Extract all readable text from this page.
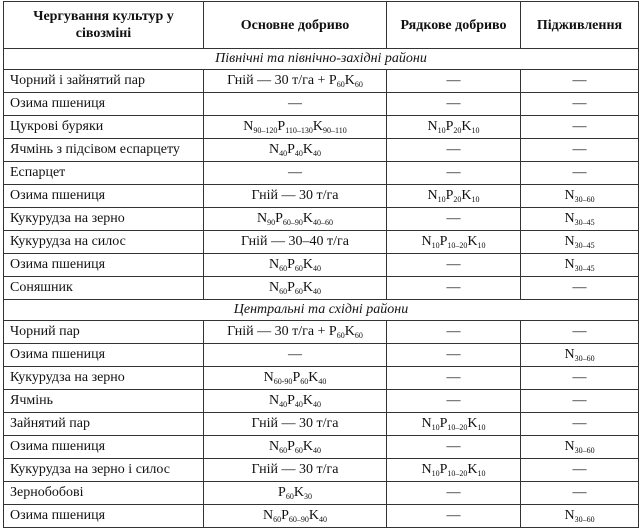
Чергування культур у сівозміні	Основне добриво	Рядкове добриво	Підживлення
Північні та північно-західні райони			
Чорний і зайнятий пар	Гній — 30 $т/га + P_{60}K_{60}$	—	—
Озима пшениця	—	—	—
Цукрові буряки	$N_{90-120}P_{110-130}K_{90-110}$	$N_{10}P_{20}K_{10}$	—
Ячмінь з підсівом еспарцету	$N_{40}P_{40}K_{40}$	—	—
Еспарцет	—	—	—
Озима пшениця	Гній — 30 т/га	$N_{10}P_{20}K_{10}$	$N_{30-60}$
Кукурудза на зерно	$N_{90}P_{60-90}K_{40-60}$	—	$N_{30-45}$
Кукурудза на силос	Гній — 30–40 т/га	$N_{10}P_{10-20}K_{10}$	$N_{30-45}$
Озима пшениця	$N_{60}P_{60}K_{40}$	—	$N_{30-45}$
Соняшник	$N_{60}P_{60}K_{40}$	—	—
Центральні та східні райони			
Чорний пар	Гній — 30 $т/га + P_{60}K_{60}$	—	—
Озима пшениця	—	—	$N_{30-60}$
Кукурудза на зерно	$N_{60-90}P_{60}K_{40}$	—	—
Ячмінь	$N_{40}P_{40}K_{40}$	—	—
Зайнятий пар	Гній — 30 т/га	$N_{10}P_{10-20}K_{10}$	—
Озима пшениця	$N_{60}P_{60}K_{40}$	—	$N_{30-60}$
Кукурудза на зерно і силос	Гній — 30 т/га	$N_{10}P_{10-20}K_{10}$	—
Зернобобові	$P_{60}K_{30}$	—	—
Озима пшениця	$N_{60}P_{60-90}K_{40}$	—	$N_{30-60}$
